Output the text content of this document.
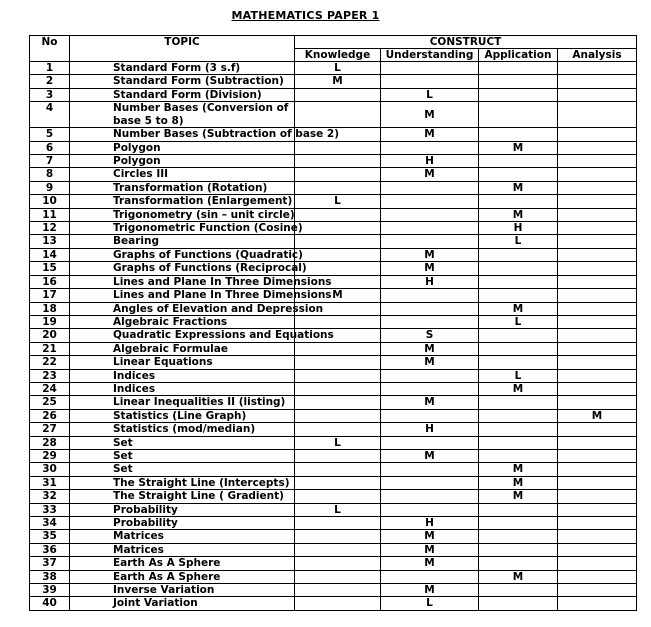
MATHEMATICS PAPER 1
No	TOPIC	CONSTRUCT			
		Knowledge	Understanding	Application	Analysis
1	Standard Form (3 s.f)	L			
2	Standard Form (Subtraction)	M			
3	Standard Form (Division)		L		
4	Number Bases (Conversion of base 5 to 8)		M		
5	Number Bases (Subtraction of base 2)		M		
6	Polygon			M	
7	Polygon		H		
8	Circles III		M		
9	Transformation (Rotation)			M	
10	Transformation (Enlargement)	L			
11	Trigonometry (sin – unit circle)			M	
12	Trigonometric Function (Cosine)			H	
13	Bearing			L	
14	Graphs of Functions (Quadratic)		M		
15	Graphs of Functions (Reciprocal)		M		
16	Lines and Plane In Three Dimensions		H		
17	Lines and Plane In Three Dimensions	M			
18	Angles of Elevation and Depression			M	
19	Algebraic Fractions			L	
20	Quadratic Expressions and Equations		S		
21	Algebraic Formulae		M		
22	Linear Equations		M		
23	Indices			L	
24	Indices			M	
25	Linear Inequalities II (listing)		M		
26	Statistics (Line Graph)				M
27	Statistics (mod/median)		H		
28	Set	L			
29	Set		M		
30	Set			M	
31	The Straight Line (Intercepts)			M	
32	The Straight Line ( Gradient)			M	
33	Probability	L			
34	Probability		H		
35	Matrices		M		
36	Matrices		M		
37	Earth As A Sphere		M		
38	Earth As A Sphere			M	
39	Inverse Variation		M		
40	Joint Variation		L		
